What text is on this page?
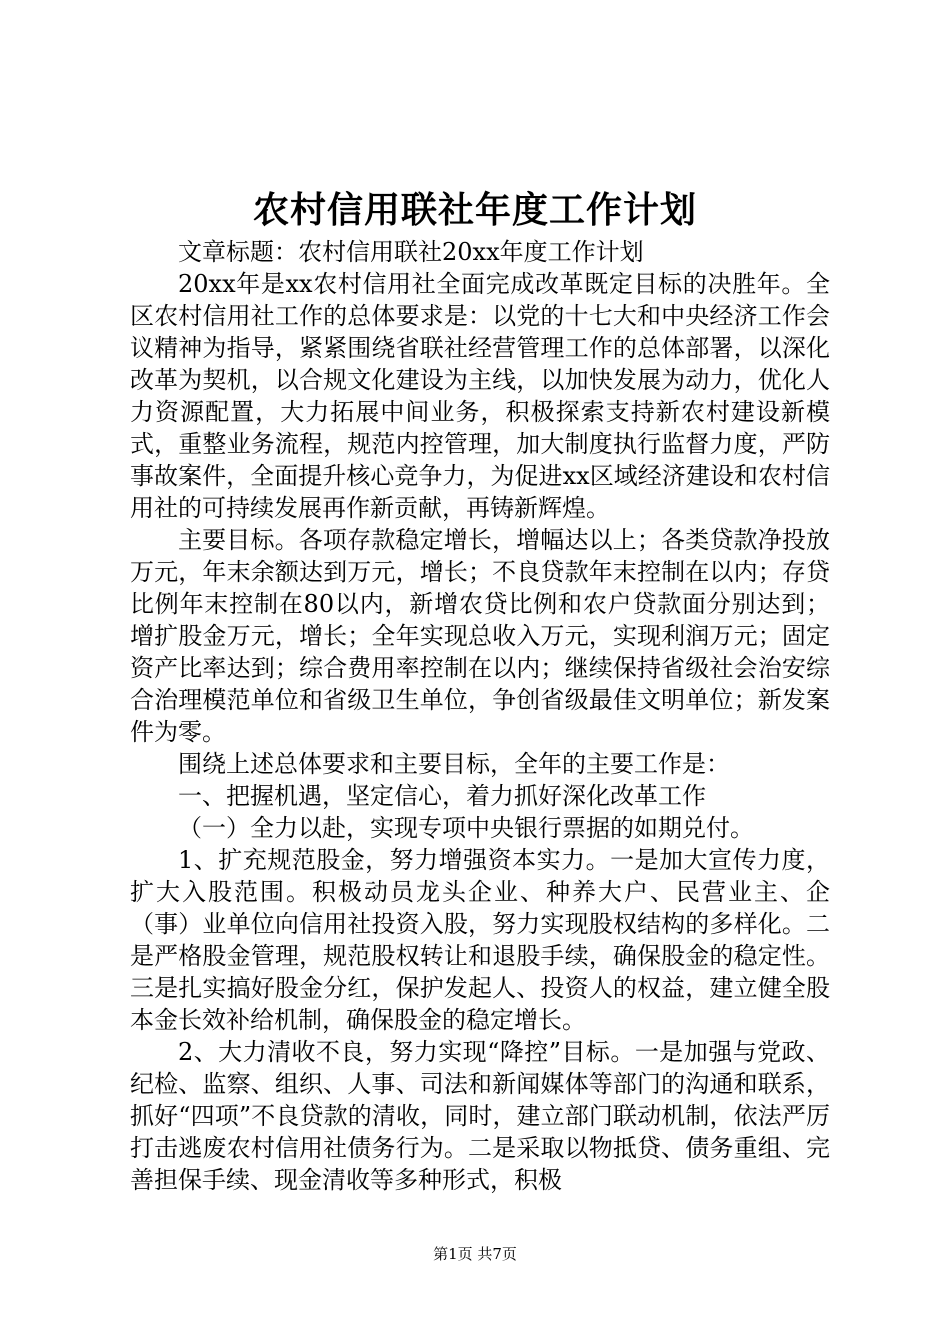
农村信用联社年度工作计划

文章标题：农村信用联社20xx年度工作计划

20xx年是xx农村信用社全面完成改革既定目标的决胜年。全区农村信用社工作的总体要求是：以党的十七大和中央经济工作会议精神为指导，紧紧围绕省联社经营管理工作的总体部署，以深化改革为契机，以合规文化建设为主线，以加快发展为动力，优化人力资源配置，大力拓展中间业务，积极探索支持新农村建设新模式，重整业务流程，规范内控管理，加大制度执行监督力度，严防事故案件，全面提升核心竞争力，为促进xx区域经济建设和农村信用社的可持续发展再作新贡献，再铸新辉煌。

主要目标。各项存款稳定增长，增幅达以上；各类贷款净投放万元，年末余额达到万元，增长；不良贷款年末控制在以内；存贷比例年末控制在80以内，新增农贷比例和农户贷款面分别达到；增扩股金万元，增长；全年实现总收入万元，实现利润万元；固定资产比率达到；综合费用率控制在以内；继续保持省级社会治安综合治理模范单位和省级卫生单位，争创省级最佳文明单位；新发案件为零。

围绕上述总体要求和主要目标，全年的主要工作是：

一、把握机遇，坚定信心，着力抓好深化改革工作

（一）全力以赴，实现专项中央银行票据的如期兑付。

1、扩充规范股金，努力增强资本实力。一是加大宣传力度，扩大入股范围。积极动员龙头企业、种养大户、民营业主、企（事）业单位向信用社投资入股，努力实现股权结构的多样化。二是严格股金管理，规范股权转让和退股手续，确保股金的稳定性。三是扎实搞好股金分红，保护发起人、投资人的权益，建立健全股本金长效补给机制，确保股金的稳定增长。

2、大力清收不良，努力实现“降控”目标。一是加强与党政、纪检、监察、组织、人事、司法和新闻媒体等部门的沟通和联系，抓好“四项”不良贷款的清收，同时，建立部门联动机制，依法严厉打击逃废农村信用社债务行为。二是采取以物抵贷、债务重组、完善担保手续、现金清收等多种形式，积极

第1页 共7页
